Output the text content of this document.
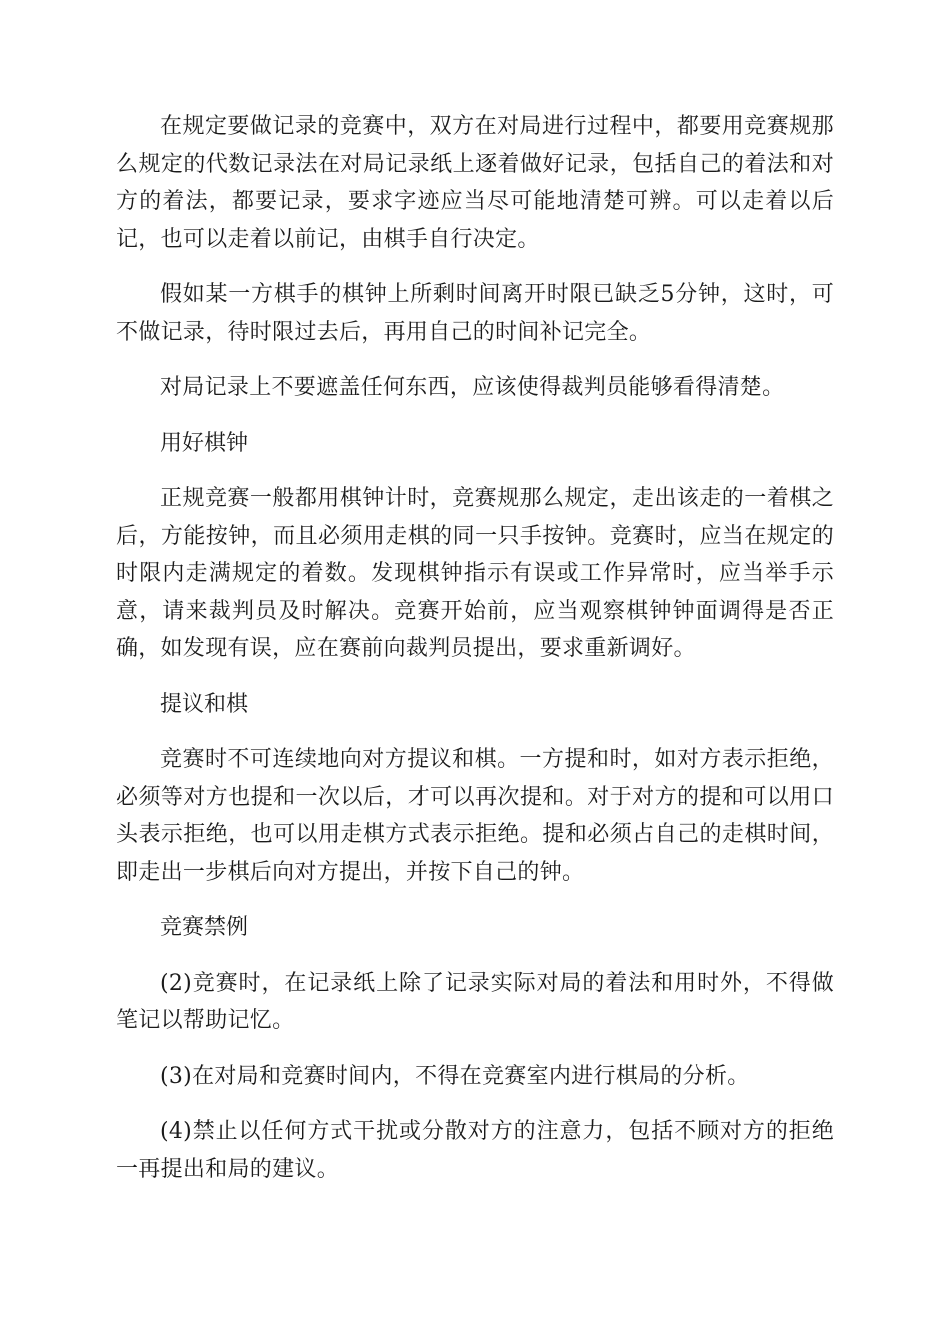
在规定要做记录的竞赛中，双方在对局进行过程中，都要用竞赛规那么规定的代数记录法在对局记录纸上逐着做好记录，包括自己的着法和对方的着法，都要记录，要求字迹应当尽可能地清楚可辨。可以走着以后记，也可以走着以前记，由棋手自行决定。

假如某一方棋手的棋钟上所剩时间离开时限已缺乏5分钟，这时，可不做记录，待时限过去后，再用自己的时间补记完全。

对局记录上不要遮盖任何东西，应该使得裁判员能够看得清楚。

用好棋钟

正规竞赛一般都用棋钟计时，竞赛规那么规定，走出该走的一着棋之后，方能按钟，而且必须用走棋的同一只手按钟。竞赛时，应当在规定的时限内走满规定的着数。发现棋钟指示有误或工作异常时，应当举手示意，请来裁判员及时解决。竞赛开始前，应当观察棋钟钟面调得是否正确，如发现有误，应在赛前向裁判员提出，要求重新调好。

提议和棋

竞赛时不可连续地向对方提议和棋。一方提和时，如对方表示拒绝，必须等对方也提和一次以后，才可以再次提和。对于对方的提和可以用口头表示拒绝，也可以用走棋方式表示拒绝。提和必须占自己的走棋时间，即走出一步棋后向对方提出，并按下自己的钟。

竞赛禁例

(2)竞赛时，在记录纸上除了记录实际对局的着法和用时外，不得做笔记以帮助记忆。

(3)在对局和竞赛时间内，不得在竞赛室内进行棋局的分析。

(4)禁止以任何方式干扰或分散对方的注意力，包括不顾对方的拒绝一再提出和局的建议。
